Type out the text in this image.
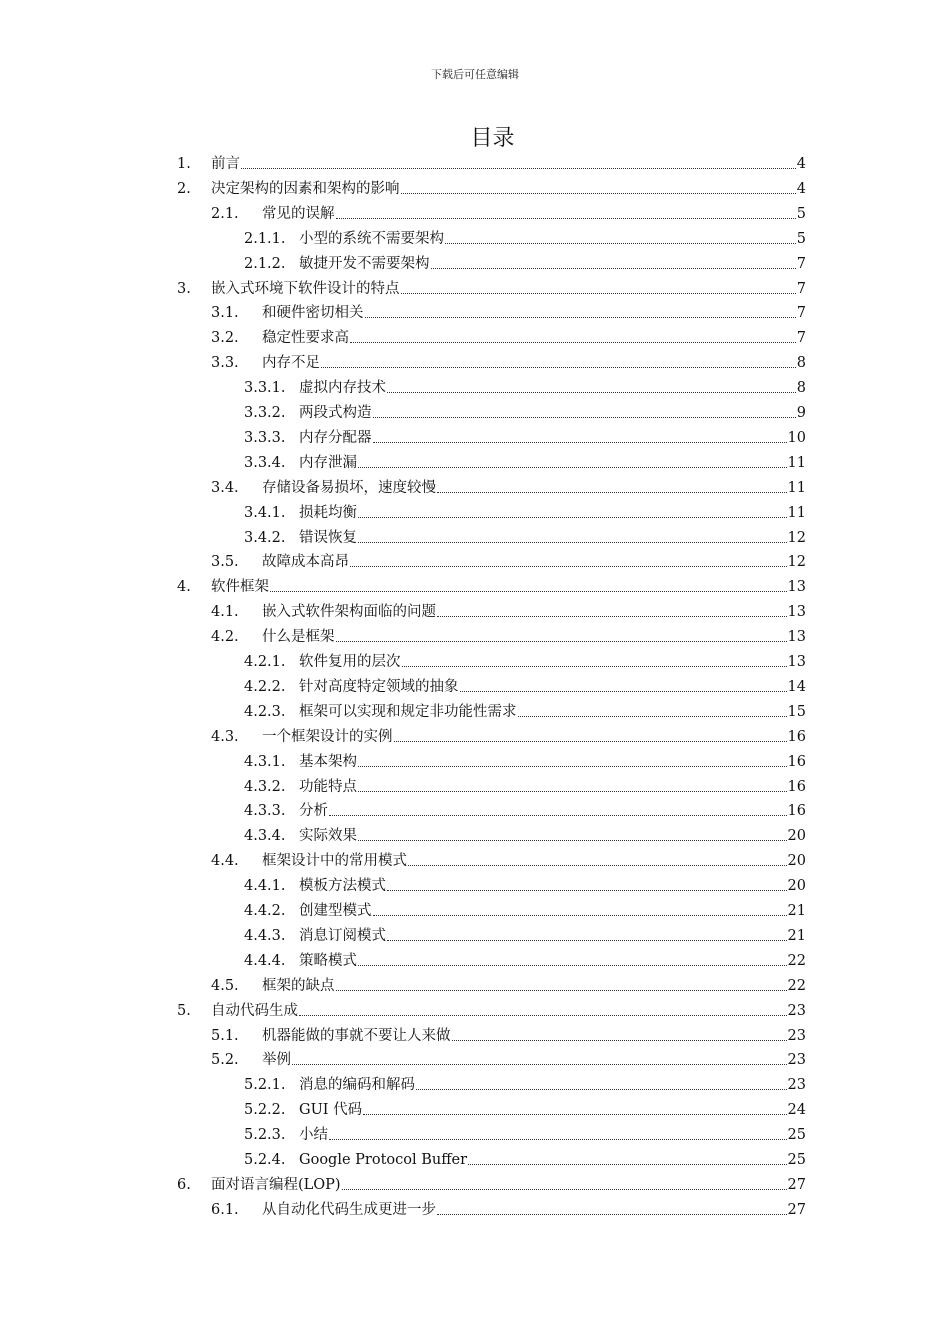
下载后可任意编辑
目录
1.	前言	4
2.	决定架构的因素和架构的影响	4
2.1.	常见的误解	5
2.1.1. 小型的系统不需要架构	5
2.1.2. 敏捷开发不需要架构	7
3.	嵌入式环境下软件设计的特点	7
3.1.	和硬件密切相关	7
3.2.	稳定性要求高	7
3.3.	内存不足	8
3.3.1. 虚拟内存技术	8
3.3.2. 两段式构造	9
3.3.3. 内存分配器	10
3.3.4. 内存泄漏	11
3.4.	存储设备易损坏，速度较慢	11
3.4.1. 损耗均衡	11
3.4.2. 错误恢复	12
3.5.	故障成本高昂	12
4.	软件框架	13
4.1.	嵌入式软件架构面临的问题	13
4.2.	什么是框架	13
4.2.1. 软件复用的层次	13
4.2.2. 针对高度特定领域的抽象	14
4.2.3. 框架可以实现和规定非功能性需求	15
4.3.	一个框架设计的实例	16
4.3.1. 基本架构	16
4.3.2. 功能特点	16
4.3.3. 分析	16
4.3.4. 实际效果	20
4.4.	框架设计中的常用模式	20
4.4.1. 模板方法模式	20
4.4.2. 创建型模式	21
4.4.3. 消息订阅模式	21
4.4.4. 策略模式	22
4.5.	框架的缺点	22
5.	自动代码生成	23
5.1.	机器能做的事就不要让人来做	23
5.2.	举例	23
5.2.1. 消息的编码和解码	23
5.2.2. GUI 代码	24
5.2.3. 小结	25
5.2.4. Google Protocol Buffer	25
6.	面对语言编程(LOP)	27
6.1.	从自动化代码生成更进一步	27
